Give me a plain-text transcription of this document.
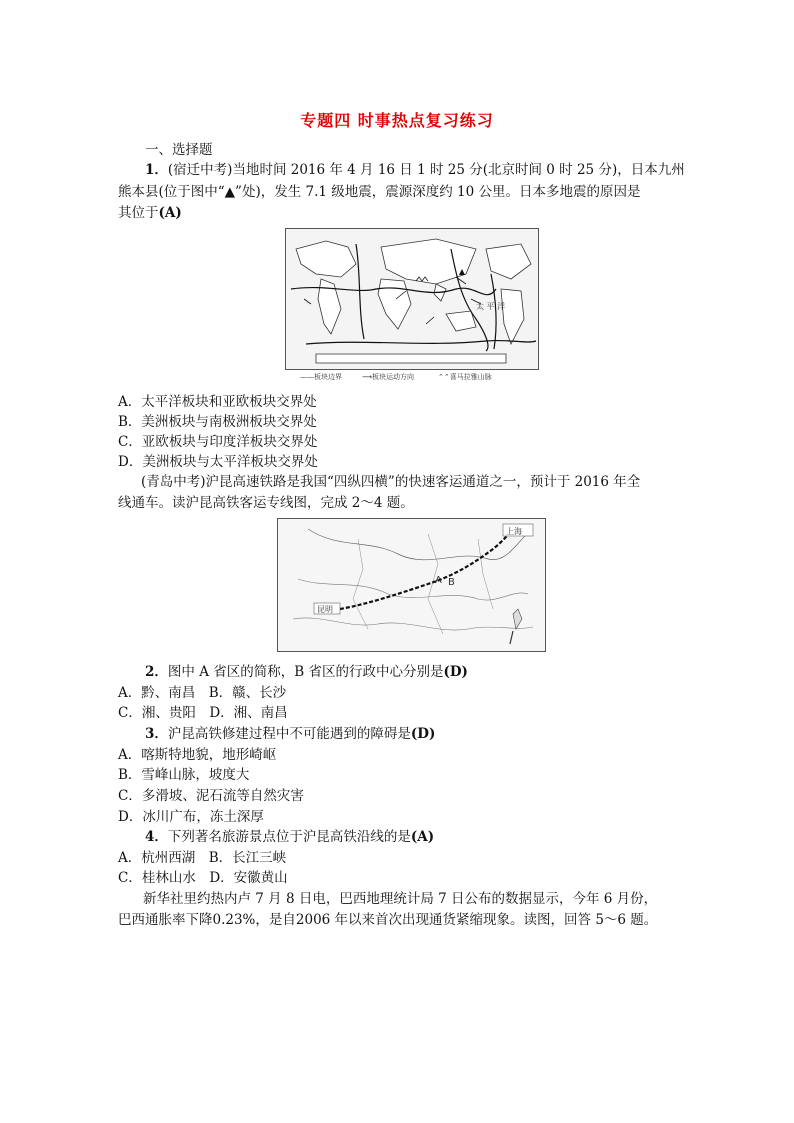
专题四 时事热点复习练习
一、选择题
1．(宿迁中考)当地时间 2016 年 4 月 16 日 1 时 25 分(北京时间 0 时 25 分)，日本九州
熊本县(位于图中“▲”处)，发生 7.1 级地震，震源深度约 10 公里。日本多地震的原因是
其位于(A)
太 平 洋
——板块边界	⟶板块运动方向	⌃⌃喜马拉雅山脉
A．太平洋板块和亚欧板块交界处
B．美洲板块与南极洲板块交界处
C．亚欧板块与印度洋板块交界处
D．美洲板块与太平洋板块交界处
(青岛中考)沪昆高速铁路是我国“四纵四横”的快速客运通道之一，预计于 2016 年全
线通车。读沪昆高铁客运专线图，完成 2～4 题。
上海
昆明
A B
2．图中 A 省区的简称，B 省区的行政中心分别是(D)
A．黔、南昌　B．赣、长沙
C．湘、贵阳　D．湘、南昌
3．沪昆高铁修建过程中不可能遇到的障碍是(D)
A．喀斯特地貌，地形崎岖
B．雪峰山脉，坡度大
C．多滑坡、泥石流等自然灾害
D．冰川广布，冻土深厚
4．下列著名旅游景点位于沪昆高铁沿线的是(A)
A．杭州西湖　B．长江三峡
C．桂林山水　D．安徽黄山
新华社里约热内卢 7 月 8 日电，巴西地理统计局 7 日公布的数据显示，今年 6 月份，
巴西通胀率下降0.23%，是自2006 年以来首次出现通货紧缩现象。读图，回答 5～6 题。
